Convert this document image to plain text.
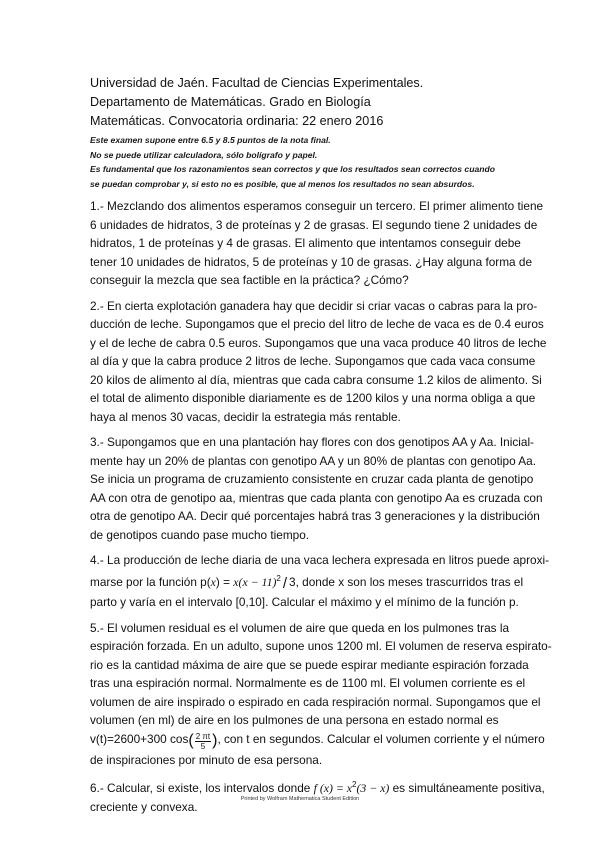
Universidad de Jaén. Facultad de Ciencias Experimentales.
Departamento de Matemáticas. Grado en Biología
Matemáticas. Convocatoria ordinaria: 22 enero 2016
Este examen supone entre 6.5 y 8.5 puntos de la nota final.
No se puede utilizar calculadora, sólo bolígrafo y papel.
Es fundamental que los razonamientos sean correctos y que los resultados sean correctos cuando
se puedan comprobar y, si esto no es posible, que al menos los resultados no sean absurdos.
1.- Mezclando dos alimentos esperamos conseguir un tercero. El primer alimento tiene
6 unidades de hidratos, 3 de proteínas y 2 de grasas. El segundo tiene 2 unidades de
hidratos, 1 de proteínas y 4 de grasas. El alimento que intentamos conseguir debe
tener 10 unidades de hidratos, 5 de proteínas y 10 de grasas. ¿Hay alguna forma de
conseguir la mezcla que sea factible en la práctica? ¿Cómo?
2.- En cierta explotación ganadera hay que decidir si criar vacas o cabras para la pro-
ducción de leche. Supongamos que el precio del litro de leche de vaca es de 0.4 euros
y el de leche de cabra 0.5 euros. Supongamos que una vaca produce 40 litros de leche
al día y que la cabra produce 2 litros de leche. Supongamos que cada vaca consume
20 kilos de alimento al día, mientras que cada cabra consume 1.2 kilos de alimento. Si
el total de alimento disponible diariamente es de 1200 kilos y una norma obliga a que
haya al menos 30 vacas, decidir la estrategia más rentable.
3.- Supongamos que en una plantación hay flores con dos genotipos AA y Aa. Inicial-
mente hay un 20% de plantas con genotipo AA y un 80% de plantas con genotipo Aa.
Se inicia un programa de cruzamiento consistente en cruzar cada planta de genotipo
AA con otra de genotipo aa, mientras que cada planta con genotipo Aa es cruzada con
otra de genotipo AA. Decir qué porcentajes habrá tras 3 generaciones y la distribución
de genotipos cuando pase mucho tiempo.
4.- La producción de leche diaria de una vaca lechera expresada en litros puede aproxi-
marse por la función $p(x) = x(x - 11)^2 / 3$, donde x son los meses trascurridos tras el
parto y varía en el intervalo [0,10]. Calcular el máximo y el mínimo de la función p.
5.- El volumen residual es el volumen de aire que queda en los pulmones tras la
espiración forzada. En un adulto, supone unos 1200 ml. El volumen de reserva espirato-
rio es la cantidad máxima de aire que se puede espirar mediante espiración forzada
tras una espiración normal. Normalmente es de 1100 ml. El volumen corriente es el
volumen de aire inspirado o espirado en cada respiración normal. Supongamos que el
volumen (en ml) de aire en los pulmones de una persona en estado normal es
v(t)=2600+300 $\cos( \frac{2 \pi t}{5}$ ), con t en segundos. Calcular el volumen corriente y el número
de inspiraciones por minuto de esa persona.
6.- Calcular, si existe, los intervalos donde f $(x) = x^2(3 - x)$ es simultáneamente positiva,
creciente y convexa.
Printed by Wolfram Mathematica Student Edition
